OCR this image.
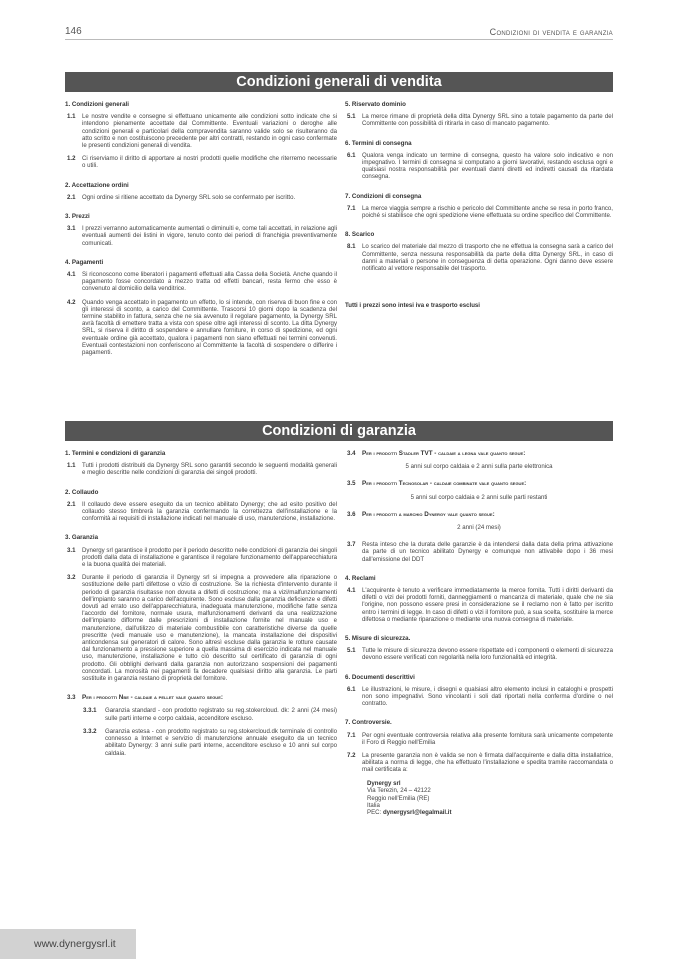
146	Condizioni di vendita e garanzia
Condizioni generali di vendita
1. Condizioni generali
1.1	Le nostre vendite e consegne si effettuano unicamente alle condizioni sotto indicate che si intendono pienamente accettate dal Committente. Eventuali variazioni o deroghe alle condizioni generali e particolari della compravendita saranno valide solo se risulteranno da atto scritto e non costituiscono precedente per altri contratti, restando in ogni caso confermate le presenti condizioni generali di vendita.
1.2	Ci riserviamo il diritto di apportare ai nostri prodotti quelle modifiche che riterremo necessarie o utili.
2. Accettazione ordini
2.1	Ogni ordine si ritiene accettato da Dynergy SRL solo se confermato per iscritto.
3. Prezzi
3.1	I prezzi verranno automaticamente aumentati o diminuiti e, come tali accettati, in relazione agli eventuali aumenti dei listini in vigore, tenuto conto dei periodi di franchigia preventivamente comunicati.
4. Pagamenti
4.1	Si riconoscono come liberatori i pagamenti effettuati alla Cassa della Società. Anche quando il pagamento fosse concordato a mezzo tratta od effetti bancari, resta fermo che esso è convenuto al domicilio della venditrice.
4.2	Quando venga accettato in pagamento un effetto, lo si intende, con riserva di buon fine e con gli interessi di sconto, a carico del Committente. Trascorsi 10 giorni dopo la scadenza del termine stabilito in fattura, senza che ne sia avvenuto il regolare pagamento, la Dynergy SRL avrà facoltà di emettere tratta a vista con spese oltre agli interessi di sconto. La ditta Dynergy SRL, si riserva il diritto di sospendere e annullare forniture, in corso di spedizione, ed ogni eventuale ordine già accettato, qualora i pagamenti non siano effettuati nei termini convenuti. Eventuali contestazioni non conferiscono al Committente la facoltà di sospendere o differire i pagamenti.
5. Riservato dominio
5.1	La merce rimane di proprietà della ditta Dynergy SRL sino a totale pagamento da parte del Committente con possibilità di ritirarla in caso di mancato pagamento.
6. Termini di consegna
6.1	Qualora venga indicato un termine di consegna, questo ha valore solo indicativo e non impegnativo. I termini di consegna si computano a giorni lavorativi, restando esclusa ogni e qualsiasi nostra responsabilità per eventuali danni diretti ed indiretti causati da ritardata consegna.
7. Condizioni di consegna
7.1	La merce viaggia sempre a rischio e pericolo del Committente anche se resa in porto franco, poiché si stabilisce che ogni spedizione viene effettuata su ordine specifico del Committente.
8. Scarico
8.1	Lo scarico del materiale dal mezzo di trasporto che ne effettua la consegna sarà a carico del Committente, senza nessuna responsabilità da parte della ditta Dynergy SRL, in caso di danni a materiali o persone in conseguenza di detta operazione. Ogni danno deve essere notificato al vettore responsabile del trasporto.
Tutti i prezzi sono intesi iva e trasporto esclusi
Condizioni di garanzia
1. Termini e condizioni di garanzia
1.1	Tutti i prodotti distribuiti da Dynergy SRL sono garantiti secondo le seguenti modalità generali e meglio descritte nelle condizioni di garanzia dei singoli prodotti.
2. Collaudo
2.1	Il collaudo deve essere eseguito da un tecnico abilitato Dynergy; che ad esito positivo del collaudo stesso timbrerà la garanzia confermando la correttezza dell'installazione e la conformità ai requisiti di installazione indicati nel manuale di uso, manutenzione, installazione.
3. Garanzia
3.1	Dynergy srl garantisce il prodotto per il periodo descritto nelle condizioni di garanzia dei singoli prodotti dalla data di installazione e garantisce il regolare funzionamento dell'apparecchiatura e la buona qualità dei materiali.
3.2	Durante il periodo di garanzia il Dynergy srl si impegna a provvedere alla riparazione o sostituzione delle parti difettose o vizio di costruzione. Se la richiesta d'intervento durante il periodo di garanzia risultasse non dovuta a difetti di costruzione; ma a vizi/malfunzionamenti dell'impianto saranno a carico dell'acquirente. Sono escluse dalla garanzia deficienze e difetti dovuti ad errato uso dell'apparecchiatura, inadeguata manutenzione, modifiche fatte senza l'accordo del fornitore, normale usura, malfunzionamenti derivanti da una realizzazione dell'impianto difforme dalle prescrizioni di installazione fornite nel manuale uso e manutenzione, dall'utilizzo di materiale combustibile con caratteristiche diverse da quelle prescritte (vedi manuale uso e manutenzione), la mancata installazione dei dispositivi anticondensa sui generatori di calore. Sono altresì escluse dalla garanzia le rotture causate dal funzionamento a pressione superiore a quella massima di esercizio indicata nel manuale uso, manutenzione, installazione e tutto ciò descritto sul certificato di garanzia di ogni prodotto. Gli obblighi derivanti dalla garanzia non autorizzano sospensioni dei pagamenti concordati. La morosità nei pagamenti fa decadere qualsiasi diritto alla garanzia. Le parti sostituite in garanzia restano di proprietà del fornitore.
3.3	Per i prodotti Nbe - caldaie a pellet vale quanto segue:
3.3.1	Garanzia standard - con prodotto registrato su reg.stokercloud. dk: 2 anni (24 mesi) sulle parti interne e corpo caldaia, accenditore escluso.
3.3.2	Garanzia estesa - con prodotto registrato su reg.stokercloud.dk terminale di controllo connesso a Internet e servizio di manutenzione annuale eseguito da un tecnico abilitato Dynergy: 3 anni sulle parti interne, accenditore escluso e 10 anni sul corpo caldaia.
3.4	Per i prodotti Stadler TVT - caldaie a legna vale quanto segue:
5 anni sul corpo caldaia e 2 anni sulla parte elettronica
3.5	Per i prodotti Tecnosolar - caldaie combinate vale quanto segue:
5 anni sul corpo caldaia e 2 anni sulle parti restanti
3.6	Per i prodotti a marchio Dynergy vale quanto segue:
2 anni (24 mesi)
3.7	Resta inteso che la durata delle garanzie è da intendersi dalla data della prima attivazione da parte di un tecnico abilitato Dynergy e comunque non attivabile dopo i 36 mesi dall'emissione del DDT
4. Reclami
4.1	L'acquirente è tenuto a verificare immediatamente la merce fornita. Tutti i diritti derivanti da difetti o vizi dei prodotti forniti, danneggiamenti o mancanza di materiale, quale che ne sia l'origine, non possono essere presi in considerazione se il reclamo non è fatto per iscritto entro i termini di legge. In caso di difetti o vizi il fornitore può, a sua scelta, sostituire la merce difettosa o mediante riparazione o mediante una nuova consegna di materiale.
5. Misure di sicurezza.
5.1	Tutte le misure di sicurezza devono essere rispettate ed i componenti o elementi di sicurezza devono essere verificati con regolarità nella loro funzionalità ed integrità.
6. Documenti descrittivi
6.1	Le illustrazioni, le misure, i disegni e qualsiasi altro elemento inclusi in cataloghi e prospetti non sono impegnativi. Sono vincolanti i soli dati riportati nella conferma d'ordine o nel contratto.
7. Controversie.
7.1	Per ogni eventuale controversia relativa alla presente fornitura sarà unicamente competente il Foro di Reggio nell'Emilia
7.2	La presente garanzia non è valida se non è firmata dall'acquirente e dalla ditta installatrice, abilitata a norma di legge, che ha effettuato l'installazione e spedita tramite raccomandata o mail certificata a:
Dynergy srl
Via Terezin, 24 – 42122
Reggio nell'Emilia (RE)
Italia
PEC: dynergysrl@legalmail.it
www.dynergysrl.it
